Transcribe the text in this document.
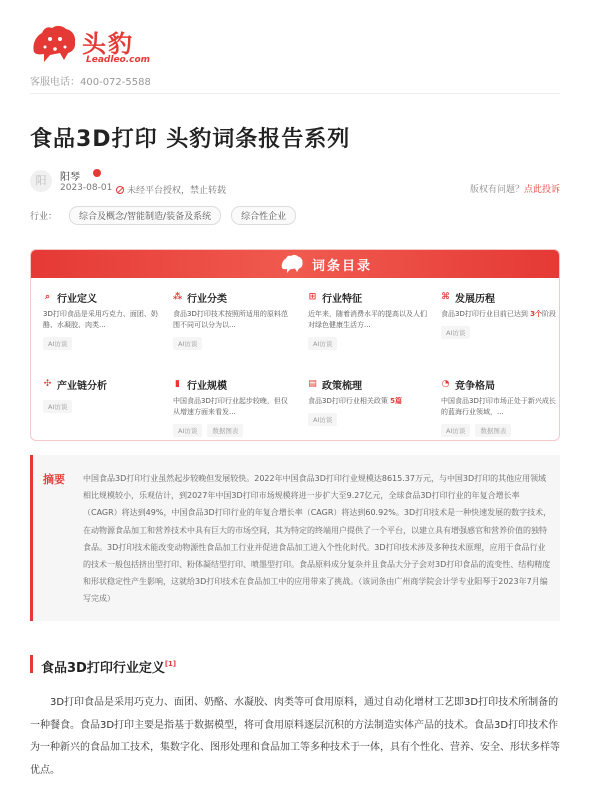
头豹
Leadleo.com
客服电话：400-072-5588
食品3D打印 头豹词条报告系列
阳	阳琴
2023-08-01	未经平台授权，禁止转载	版权有问题？点此投诉
行业：	综合及概念/智能制造/装备及系统	综合性企业
词条目录
⌕ 行业定义
3D打印食品是采用巧克力、面团、奶酪、水凝胶、肉类...
AI访谈
⁂ 行业分类
食品3D打印技术按照所适用的原料范围不同可以分为以...
AI访谈
⊞ 行业特征
近年来，随着消费水平的提高以及人们对绿色健康生活方...
AI访谈
⌘ 发展历程
食品3D打印行业目前已达到 3个阶段
AI访谈
✣ 产业链分析
AI访谈
▮ 行业规模
中国食品3D打印行业起步较晚，但仅从增速方面来看发...
AI访谈	数据图表
▤ 政策梳理
食品3D打印行业相关政策 5篇
AI访谈
◔ 竞争格局
中国食品3D打印市场正处于新兴成长的蓝海行业领域，...
AI访谈	数据图表
摘要 中国食品3D打印行业虽然起步较晚但发展较快。2022年中国食品3D打印行业规模达8615.37万元，与中国3D打印的其他应用领域相比规模较小，乐观估计，到2027年中国3D打印市场规模将进一步扩大至9.27亿元，全球食品3D打印行业的年复合增长率（CAGR）将达到49%，中国食品3D打印行业的年复合增长率（CAGR）将达到60.92%。3D打印技术是一种快速发展的数字技术，在动物源食品加工和营养技术中具有巨大的市场空间，其为特定的终端用户提供了一个平台，以建立具有增强感官和营养价值的独特食品。3D打印技术能改变动物源性食品加工行业并促进食品加工进入个性化时代。3D打印技术涉及多种技术原理，应用于食品行业的技术一般包括挤出型打印、粉体凝结型打印、喷墨型打印。食品原料成分复杂并且食品大分子会对3D打印食品的流变性、结构精度和形状稳定性产生影响，这就给3D打印技术在食品加工中的应用带来了挑战。（该词条由广州商学院会计学专业阳琴于2023年7月编写完成）
食品3D打印行业定义[1]
3D打印食品是采用巧克力、面团、奶酪、水凝胶、肉类等可食用原料，通过自动化增材工艺即3D打印技术所制备的一种餐食。食品3D打印主要是指基于数据模型，将可食用原料逐层沉积的方法制造实体产品的技术。食品3D打印技术作为一种新兴的食品加工技术，集数字化、图形处理和食品加工等多种技术于一体，具有个性化、营养、安全、形状多样等优点。
